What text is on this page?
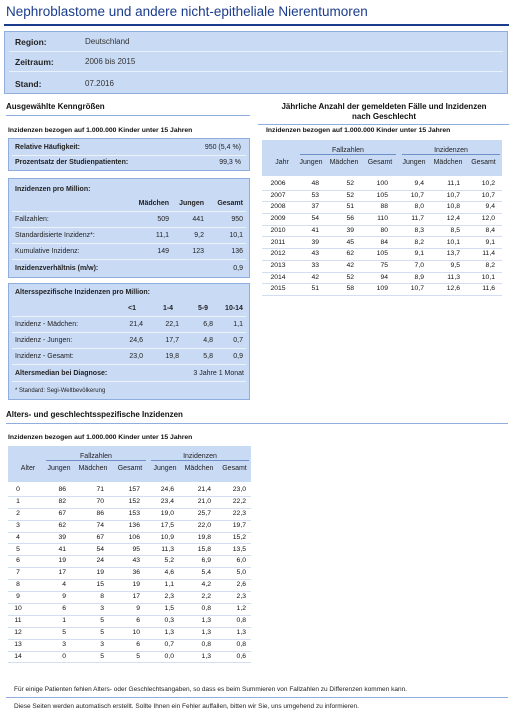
Nephroblastome und andere nicht-epitheliale Nierentumoren
Region:	Deutschland
Zeitraum:	2006 bis 2015
Stand:	07.2016
Ausgewählte Kenngrößen
Inzidenzen bezogen auf 1.000.000 Kinder unter 15 Jahren
Relative Häufigkeit:	950 (5,4 %)
Prozentsatz der Studienpatienten:	99,3 %
Inzidenzen pro Million:
Mädchen	Jungen	Gesamt
Fallzahlen:	509	441	950
Standardisierte Inzidenz*:	11,1	9,2	10,1
Kumulative Inzidenz:	149	123	136
Inzidenzverhältnis (m/w):	0,9
Altersspezifische Inzidenzen pro Million:
<1	1-4	5-9	10-14
Inzidenz - Mädchen:	21,4	22,1	6,8	1,1
Inzidenz - Jungen:	24,6	17,7	4,8	0,7
Inzidenz - Gesamt:	23,0	19,8	5,8	0,9
Altersmedian bei Diagnose:	3 Jahre 1 Monat
* Standard: Segi-Weltbevölkerung
Jährliche Anzahl der gemeldeten Fälle und Inzidenzen
nach Geschlecht
Inzidenzen bezogen auf 1.000.000 Kinder unter 15 Jahren
Fallzahlen	Inzidenzen
Jahr	Jungen	Mädchen	Gesamt	Jungen	Mädchen	Gesamt
2006	48	52	100	9,4	11,1	10,2
2007	53	52	105	10,7	10,7	10,7
2008	37	51	88	8,0	10,8	9,4
2009	54	56	110	11,7	12,4	12,0
2010	41	39	80	8,3	8,5	8,4
2011	39	45	84	8,2	10,1	9,1
2012	43	62	105	9,1	13,7	11,4
2013	33	42	75	7,0	9,5	8,2
2014	42	52	94	8,9	11,3	10,1
2015	51	58	109	10,7	12,6	11,6
Alters- und geschlechtsspezifische Inzidenzen
Inzidenzen bezogen auf 1.000.000 Kinder unter 15 Jahren
Fallzahlen	Inzidenzen
Alter	Jungen	Mädchen	Gesamt	Jungen	Mädchen	Gesamt
0	86	71	157	24,6	21,4	23,0
1	82	70	152	23,4	21,0	22,2
2	67	86	153	19,0	25,7	22,3
3	62	74	136	17,5	22,0	19,7
4	39	67	106	10,9	19,8	15,2
5	41	54	95	11,3	15,8	13,5
6	19	24	43	5,2	6,9	6,0
7	17	19	36	4,6	5,4	5,0
8	4	15	19	1,1	4,2	2,6
9	9	8	17	2,3	2,2	2,3
10	6	3	9	1,5	0,8	1,2
11	1	5	6	0,3	1,3	0,8
12	5	5	10	1,3	1,3	1,3
13	3	3	6	0,7	0,8	0,8
14	0	5	5	0,0	1,3	0,6
Für einige Patienten fehlen Alters- oder Geschlechtsangaben, so dass es beim Summieren von Fallzahlen zu Differenzen kommen kann.
Diese Seiten werden automatisch erstellt. Sollte Ihnen ein Fehler auffallen, bitten wir Sie, uns umgehend zu informieren.
